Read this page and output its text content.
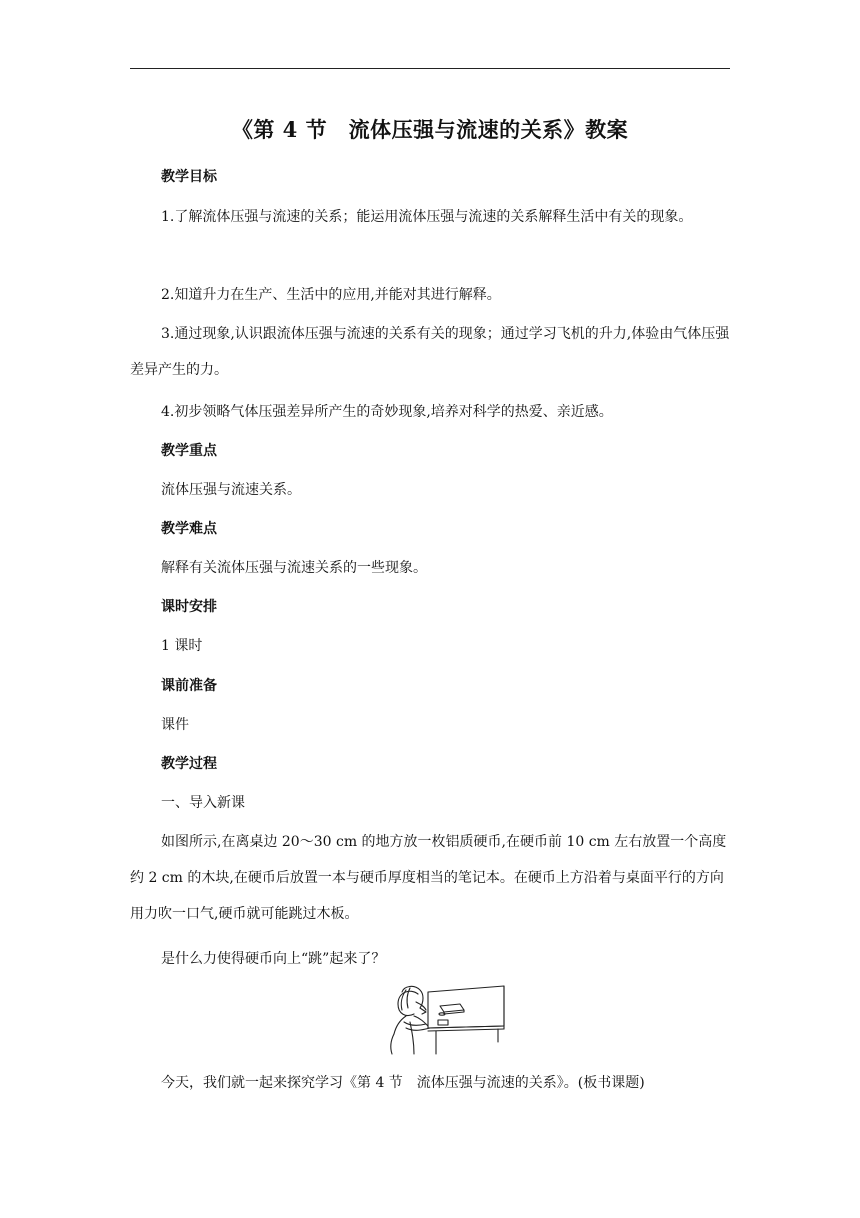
《第 4 节　流体压强与流速的关系》教案

教学目标

1.了解流体压强与流速的关系；能运用流体压强与流速的关系解释生活中有关的现象。

2.知道升力在生产、生活中的应用,并能对其进行解释。

3.通过现象,认识跟流体压强与流速的关系有关的现象；通过学习飞机的升力,体验由气体压强差异产生的力。

4.初步领略气体压强差异所产生的奇妙现象,培养对科学的热爱、亲近感。

教学重点

流体压强与流速关系。

教学难点

解释有关流体压强与流速关系的一些现象。

课时安排

1 课时

课前准备

课件

教学过程

一、导入新课

如图所示,在离桌边 20～30 cm 的地方放一枚铝质硬币,在硬币前 10 cm 左右放置一个高度约 2 cm 的木块,在硬币后放置一本与硬币厚度相当的笔记本。在硬币上方沿着与桌面平行的方向用力吹一口气,硬币就可能跳过木板。

是什么力使得硬币向上“跳”起来了？

今天，我们就一起来探究学习《第 4 节　流体压强与流速的关系》。(板书课题)
